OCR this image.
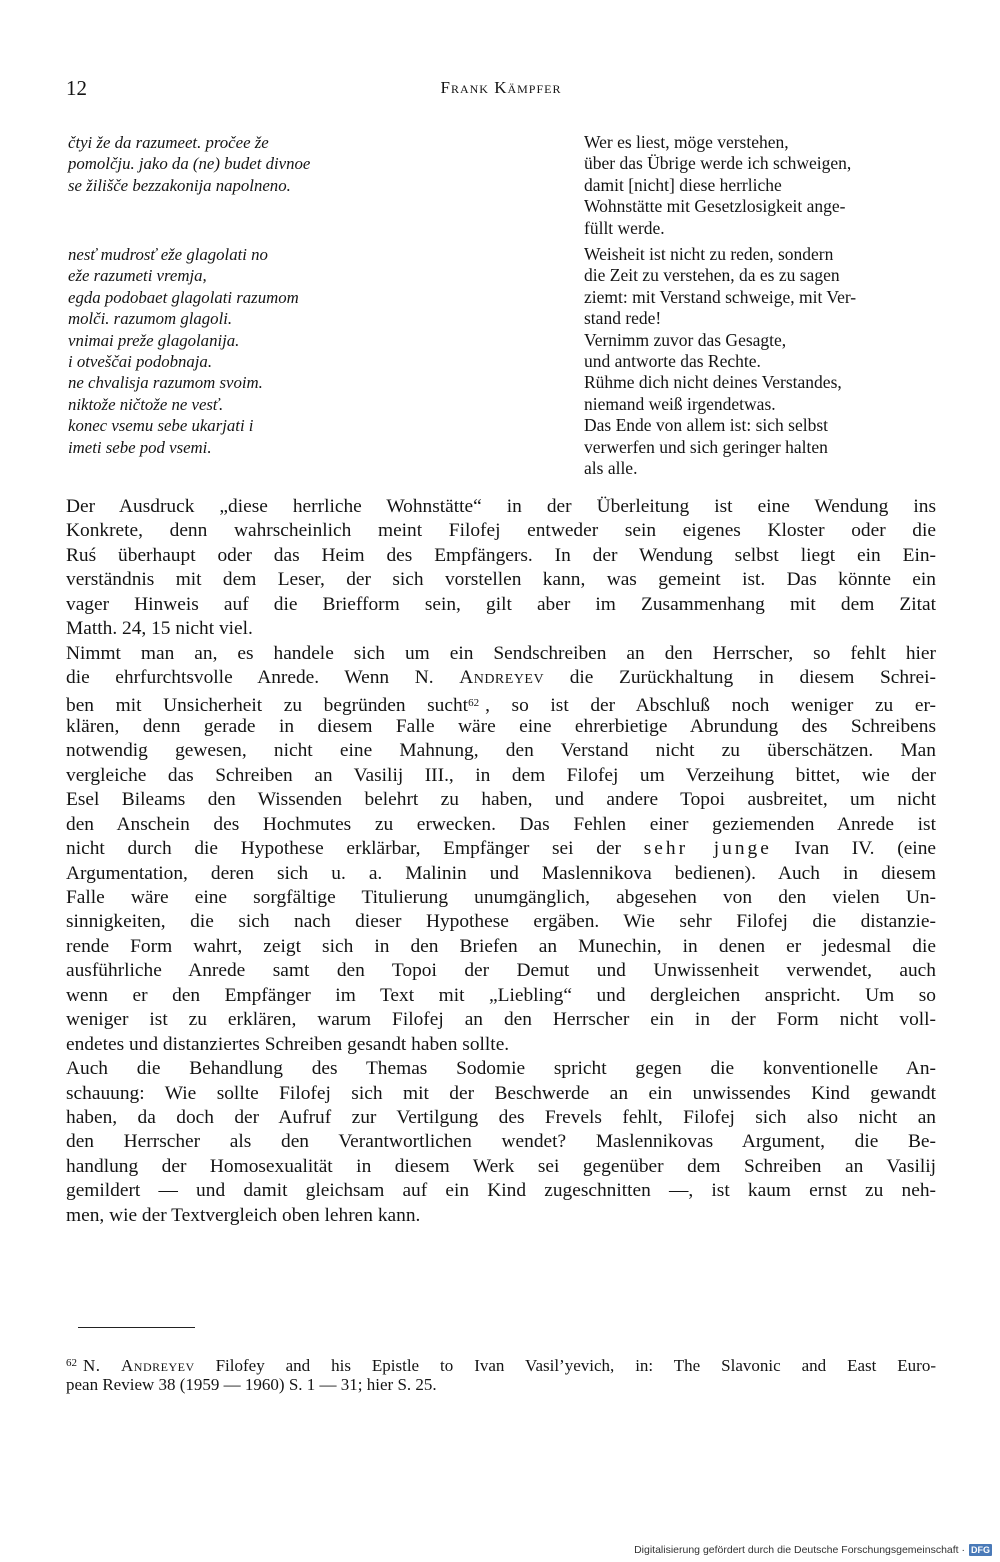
12	Frank Kämpfer
čtyi že da razumeet. pročee že
pomolčju. jako da (ne) budet divnoe
se žilišče bezzakonija napolneno.
nesť mudrosť eže glagolati no
eže razumeti vremja,
egda podobaet glagolati razumom
molči. razumom glagoli.
vnimai preže glagolanija.
i otveščai podobnaja.
ne chvalisja razumom svoim.
niktože ničtože ne vesť.
konec vsemu sebe ukarjati i
imeti sebe pod vsemi.
Wer es liest, möge verstehen,
über das Übrige werde ich schweigen,
damit [nicht] diese herrliche
Wohnstätte mit Gesetzlosigkeit ange-
füllt werde.
Weisheit ist nicht zu reden, sondern
die Zeit zu verstehen, da es zu sagen
ziemt: mit Verstand schweige, mit Ver-
stand rede!
Vernimm zuvor das Gesagte,
und antworte das Rechte.
Rühme dich nicht deines Verstandes,
niemand weiß irgendetwas.
Das Ende von allem ist: sich selbst
verwerfen und sich geringer halten
als alle.
Der Ausdruck „diese herrliche Wohnstätte“ in der Überleitung ist eine Wendung ins
Konkrete, denn wahrscheinlich meint Filofej entweder sein eigenes Kloster oder die
Ruś überhaupt oder das Heim des Empfängers. In der Wendung selbst liegt ein Ein-
verständnis mit dem Leser, der sich vorstellen kann, was gemeint ist. Das könnte ein
vager Hinweis auf die Briefform sein, gilt aber im Zusammenhang mit dem Zitat
Matth. 24, 15 nicht viel.
Nimmt man an, es handele sich um ein Sendschreiben an den Herrscher, so fehlt hier
die ehrfurchtsvolle Anrede. Wenn N. Andreyev die Zurückhaltung in diesem Schrei-
ben mit Unsicherheit zu begründen sucht$^{62}$ , so ist der Abschluß noch weniger zu er-
klären, denn gerade in diesem Falle wäre eine ehrerbietige Abrundung des Schreibens
notwendig gewesen, nicht eine Mahnung, den Verstand nicht zu überschätzen. Man
vergleiche das Schreiben an Vasilij III., in dem Filofej um Verzeihung bittet, wie der
Esel Bileams den Wissenden belehrt zu haben, und andere Topoi ausbreitet, um nicht
den Anschein des Hochmutes zu erwecken. Das Fehlen einer geziemenden Anrede ist
nicht durch die Hypothese erklärbar, Empfänger sei der sehr junge Ivan IV. (eine
Argumentation, deren sich u. a. Malinin und Maslennikova bedienen). Auch in diesem
Falle wäre eine sorgfältige Titulierung unumgänglich, abgesehen von den vielen Un-
sinnigkeiten, die sich nach dieser Hypothese ergäben. Wie sehr Filofej die distanzie-
rende Form wahrt, zeigt sich in den Briefen an Munechin, in denen er jedesmal die
ausführliche Anrede samt den Topoi der Demut und Unwissenheit verwendet, auch
wenn er den Empfänger im Text mit „Liebling“ und dergleichen anspricht. Um so
weniger ist zu erklären, warum Filofej an den Herrscher ein in der Form nicht voll-
endetes und distanziertes Schreiben gesandt haben sollte.
Auch die Behandlung des Themas Sodomie spricht gegen die konventionelle An-
schauung: Wie sollte Filofej sich mit der Beschwerde an ein unwissendes Kind gewandt
haben, da doch der Aufruf zur Vertilgung des Frevels fehlt, Filofej sich also nicht an
den Herrscher als den Verantwortlichen wendet? Maslennikovas Argument, die Be-
handlung der Homosexualität in diesem Werk sei gegenüber dem Schreiben an Vasilij
gemildert — und damit gleichsam auf ein Kind zugeschnitten —, ist kaum ernst zu neh-
men, wie der Textvergleich oben lehren kann.
$^{62}$ N. Andreyev Filofey and his Epistle to Ivan Vasil’yevich, in: The Slavonic and East Euro-
pean Review 38 (1959 — 1960) S. 1 — 31; hier S. 25.
Digitalisierung gefördert durch die Deutsche Forschungsgemeinschaft · DFG
